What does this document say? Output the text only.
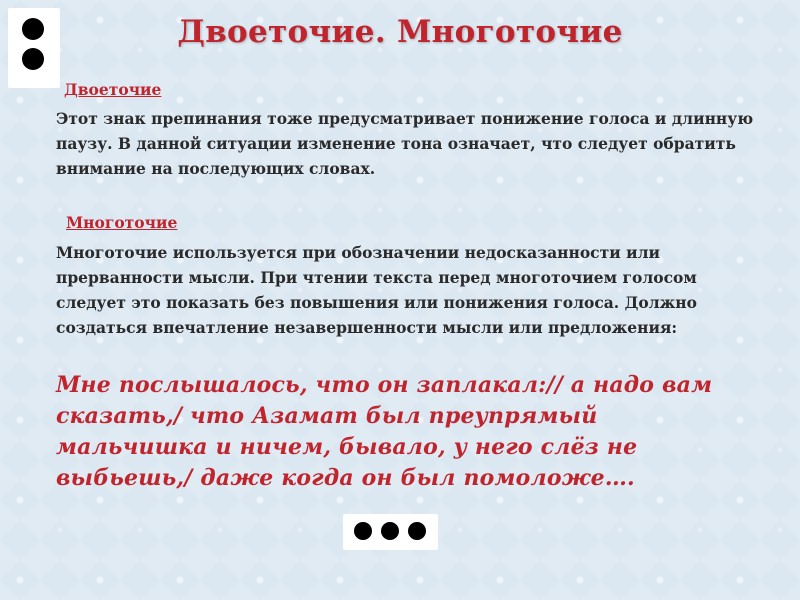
Двоеточие. Многоточие
Двоеточие

Этот знак препинания тоже предусматривает понижение голоса и длинную паузу. В данной ситуации изменение тона означает, что следует обратить внимание на последующих словах.

Многоточие

Многоточие используется при обозначении недосказанности или прерванности мысли. При чтении текста перед многоточием голосом следует это показать без повышения или понижения голоса. Должно создаться впечатление незавершенности мысли или предложения:

Мне послышалось, что он заплакал:// а надо вам сказать,/ что Азамат был преупрямый мальчишка и ничем, бывало, у него слёз не выбьешь,/ даже когда он был помоложе….
